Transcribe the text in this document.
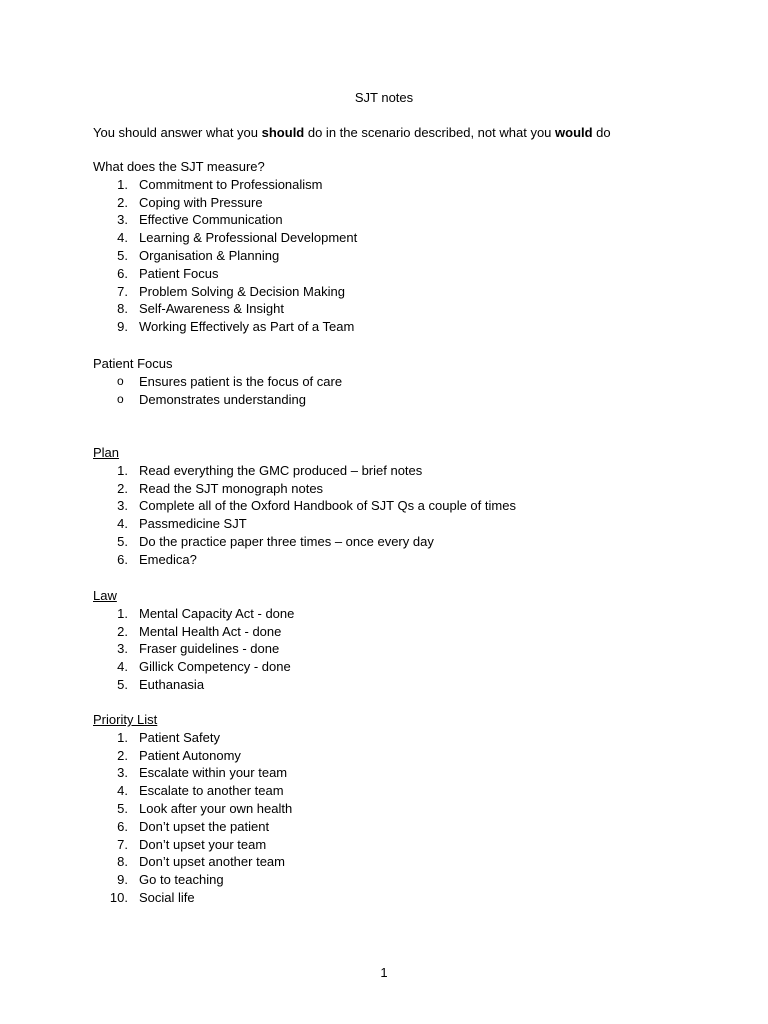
SJT notes
You should answer what you should do in the scenario described, not what you would do
What does the SJT measure?
1. Commitment to Professionalism
2. Coping with Pressure
3. Effective Communication
4. Learning & Professional Development
5. Organisation & Planning
6. Patient Focus
7. Problem Solving & Decision Making
8. Self-Awareness & Insight
9. Working Effectively as Part of a Team
Patient Focus
o Ensures patient is the focus of care
o Demonstrates understanding
Plan
1. Read everything the GMC produced – brief notes
2. Read the SJT monograph notes
3. Complete all of the Oxford Handbook of SJT Qs a couple of times
4. Passmedicine SJT
5. Do the practice paper three times – once every day
6. Emedica?
Law
1. Mental Capacity Act - done
2. Mental Health Act - done
3. Fraser guidelines - done
4. Gillick Competency - done
5. Euthanasia
Priority List
1. Patient Safety
2. Patient Autonomy
3. Escalate within your team
4. Escalate to another team
5. Look after your own health
6. Don’t upset the patient
7. Don’t upset your team
8. Don’t upset another team
9. Go to teaching
10. Social life
1
